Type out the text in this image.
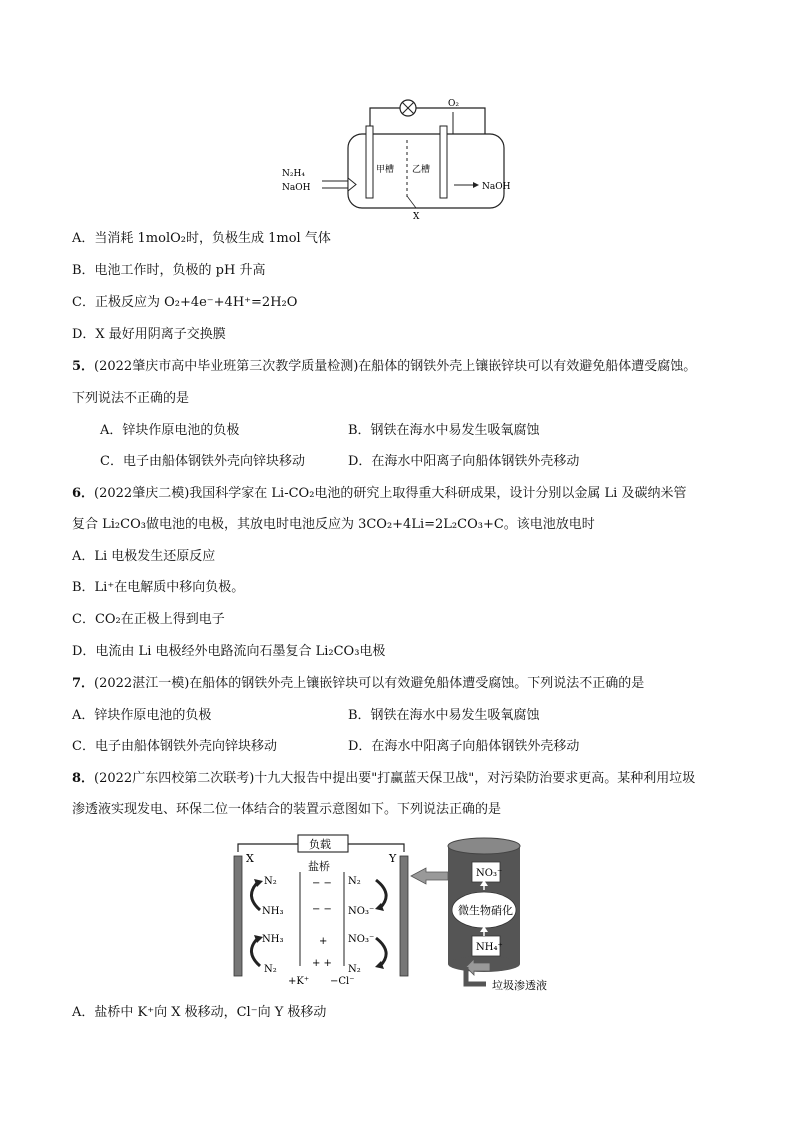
O₂
甲槽 乙槽
X
N₂H₄
NaOH	NaOH
A．当消耗 1molO₂时，负极生成 1mol 气体
B．电池工作时，负极的 pH 升高
C．正极反应为 O₂+4e⁻+4H⁺=2H₂O
D．X 最好用阴离子交换膜
5．(2022肇庆市高中毕业班第三次教学质量检测)在船体的钢铁外壳上镶嵌锌块可以有效避免船体遭受腐蚀。
下列说法不正确的是
A．锌块作原电池的负极	B．钢铁在海水中易发生吸氧腐蚀
C．电子由船体钢铁外壳向锌块移动	D．在海水中阳离子向船体钢铁外壳移动
6．(2022肇庆二模)我国科学家在 Li-CO₂电池的研究上取得重大科研成果，设计分别以金属 Li 及碳纳米管
复合 Li₂CO₃做电池的电极，其放电时电池反应为 3CO₂+4Li=2L₂CO₃+C。该电池放电时
A．Li 电极发生还原反应
B．Li⁺在电解质中移向负极。
C．CO₂在正极上得到电子
D．电流由 Li 电极经外电路流向石墨复合 Li₂CO₃电极
7．(2022湛江一模)在船体的钢铁外壳上镶嵌锌块可以有效避免船体遭受腐蚀。下列说法不正确的是
A．锌块作原电池的负极	B．钢铁在海水中易发生吸氧腐蚀
C．电子由船体钢铁外壳向锌块移动	D．在海水中阳离子向船体钢铁外壳移动
8．(2022广东四校第二次联考)十九大报告中提出要"打赢蓝天保卫战"，对污染防治要求更高。某种利用垃圾
渗透液实现发电、环保二位一体结合的装置示意图如下。下列说法正确的是
负载
盐桥
X	Y
− −
− −
+
+ +
+K⁺ −Cl⁻
N₂
NH₃
NH₃
N₂
N₂
NO₃⁻
NO₃⁻
N₂
NO₃⁻
微生物硝化
NH₄⁺
垃圾渗透液
A．盐桥中 K⁺向 X 极移动，Cl⁻向 Y 极移动
